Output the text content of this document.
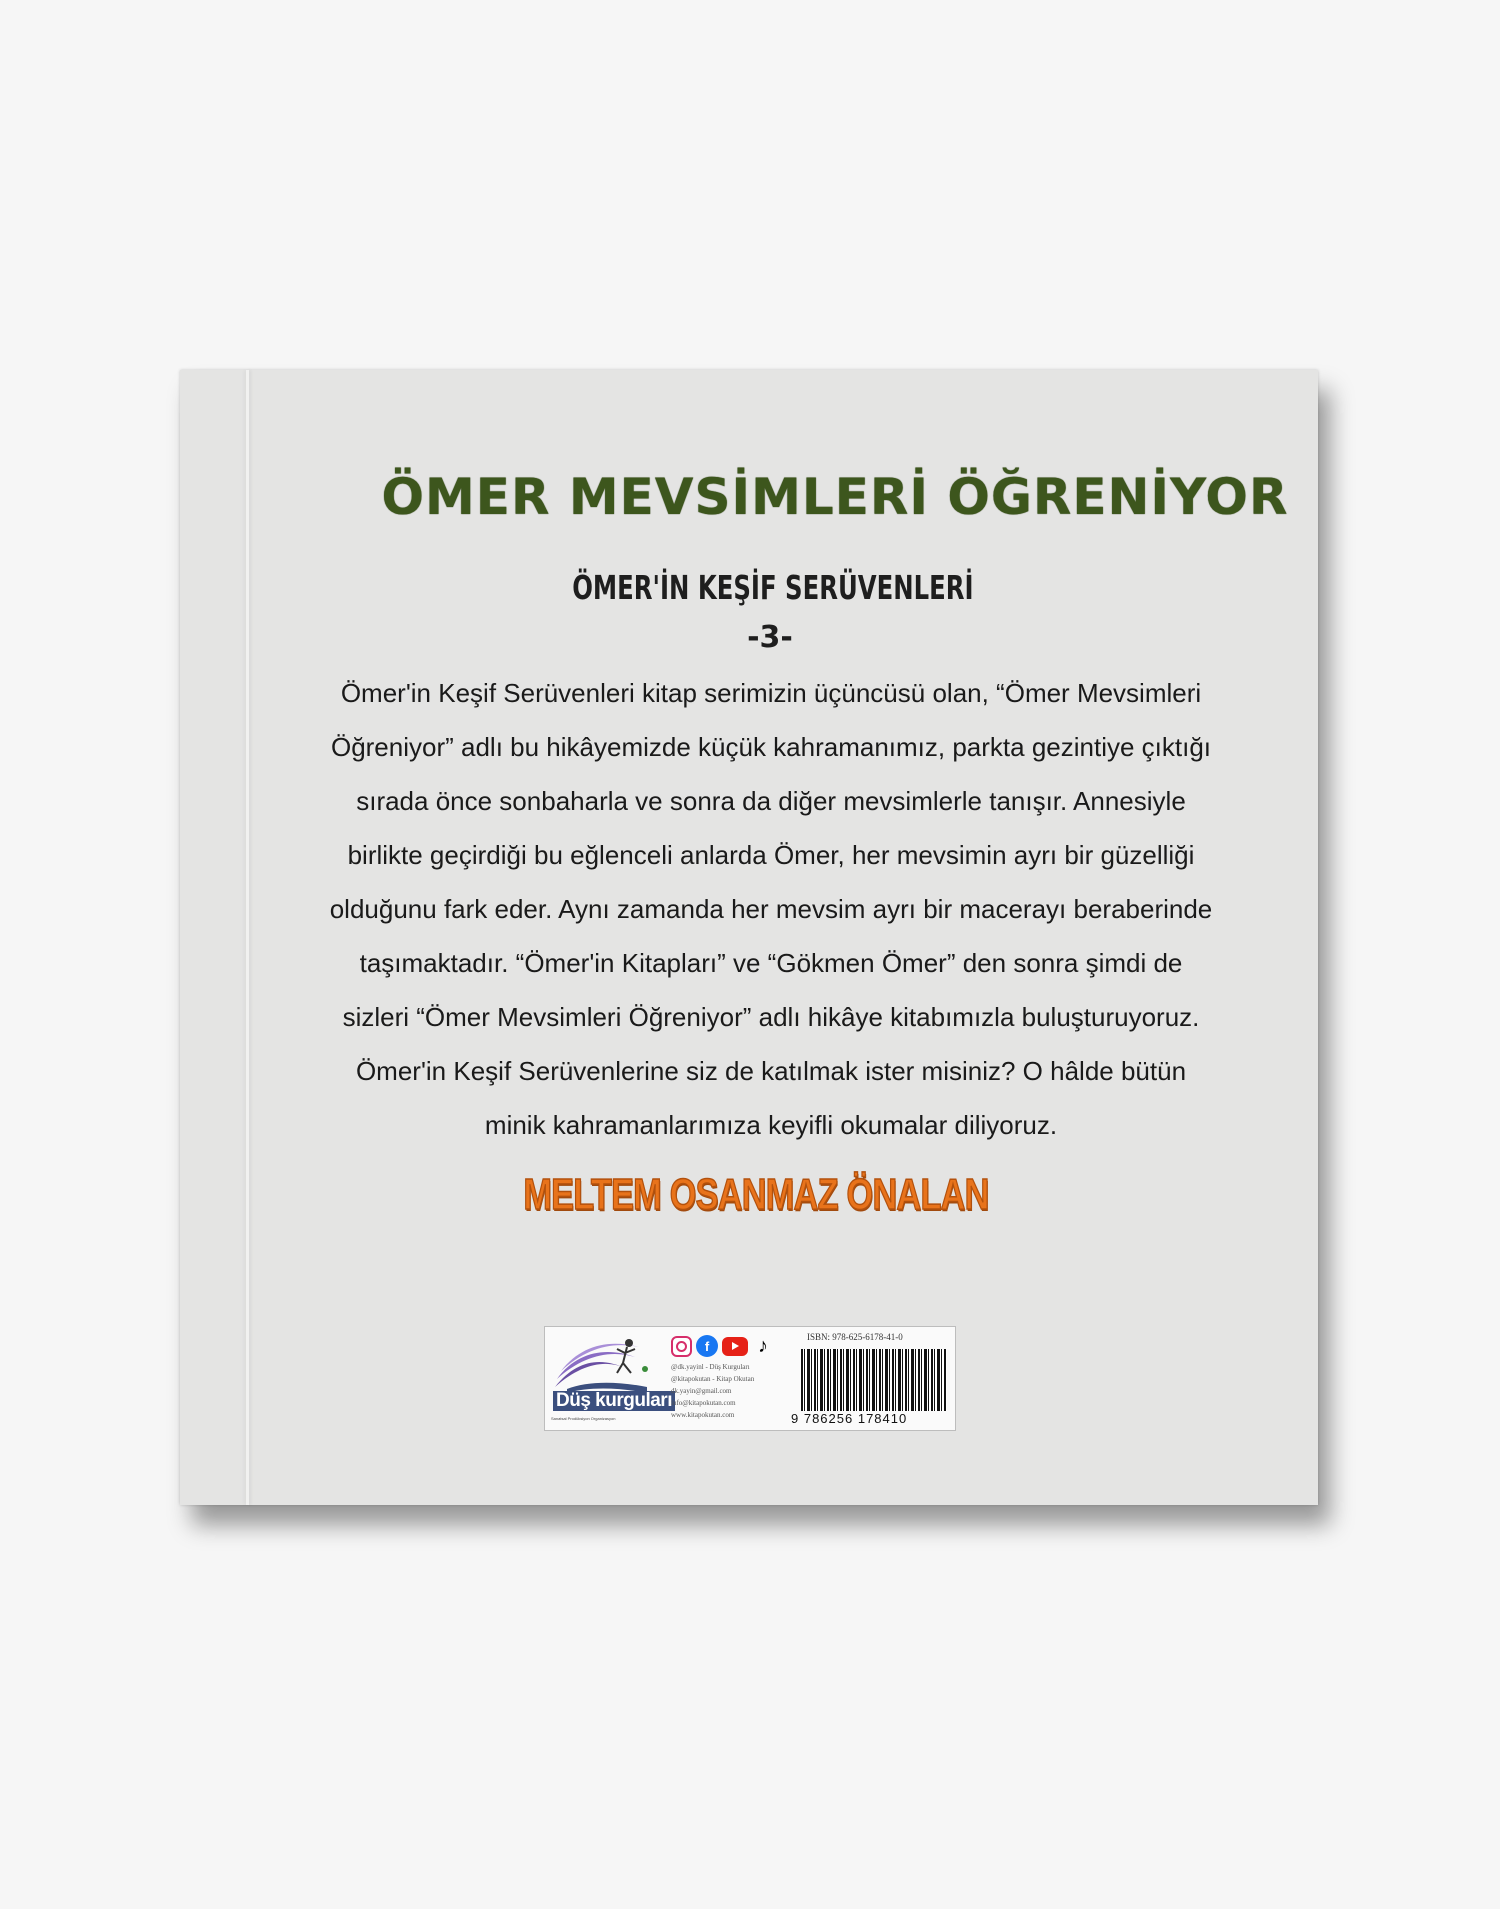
ÖMER MEVSİMLERİ ÖĞRENİYOR
ÖMER'İN KEŞİF SERÜVENLERİ
-3-

Ömer'in Keşif Serüvenleri kitap serimizin üçüncüsü olan, “Ömer Mevsimleri
Öğreniyor” adlı bu hikâyemizde küçük kahramanımız, parkta gezintiye çıktığı
sırada önce sonbaharla ve sonra da diğer mevsimlerle tanışır. Annesiyle
birlikte geçirdiği bu eğlenceli anlarda Ömer, her mevsimin ayrı bir güzelliği
olduğunu fark eder. Aynı zamanda her mevsim ayrı bir macerayı beraberinde
taşımaktadır. “Ömer'in Kitapları” ve “Gökmen Ömer” den sonra şimdi de
sizleri “Ömer Mevsimleri Öğreniyor” adlı hikâye kitabımızla buluşturuyoruz.
Ömer'in Keşif Serüvenlerine siz de katılmak ister misiniz? O hâlde bütün
minik kahramanlarımıza keyifli okumalar diliyoruz.

MELTEM OSANMAZ ÖNALAN
Düş kurguları
Sanatsal Prodüksiyon Organizasyon
f	♪
@dk.yayinl - Düş Kurguları
@kitapokutan - Kitap Okutan
dk.yayin@gmail.com
info@kitapokutan.com
www.kitapokutan.com
ISBN: 978-625-6178-41-0
9 786256 178410
